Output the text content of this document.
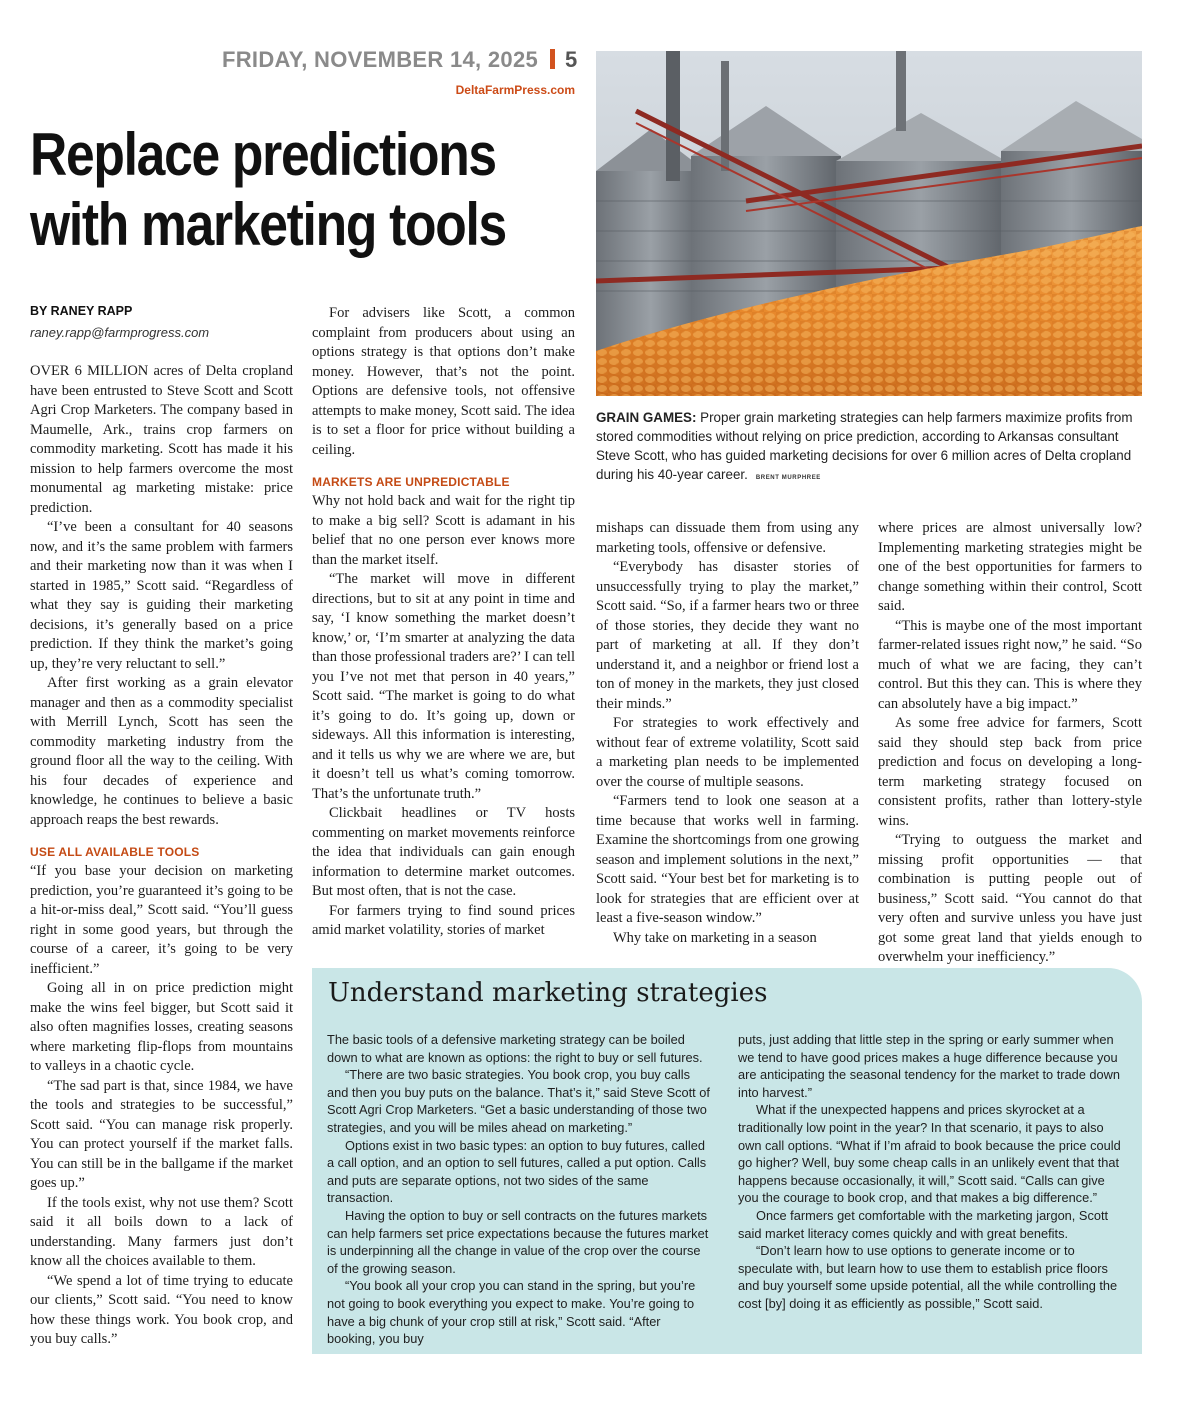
FRIDAY, NOVEMBER 14, 2025 5
DeltaFarmPress.com
Replace predictions
with marketing tools
GRAIN GAMES: Proper grain marketing strategies can help farmers maximize profits from stored commodities without relying on price prediction, according to Arkansas consultant Steve Scott, who has guided marketing decisions for over 6 million acres of Delta cropland during his 40-year career. BRENT MURPHREE
BY RANEY RAPP
raney.rapp@farmprogress.com

OVER 6 MILLION acres of Delta cropland have been entrusted to Steve Scott and Scott Agri Crop Marketers. The company based in Maumelle, Ark., trains crop farmers on commodity marketing. Scott has made it his mission to help farmers overcome the most monumental ag marketing mistake: price prediction.

“I’ve been a consultant for 40 seasons now, and it’s the same problem with farmers and their marketing now than it was when I started in 1985,” Scott said. “Regardless of what they say is guiding their marketing decisions, it’s generally based on a price prediction. If they think the market’s going up, they’re very reluctant to sell.”

After first working as a grain elevator manager and then as a commodity specialist with Merrill Lynch, Scott has seen the commodity marketing industry from the ground floor all the way to the ceiling. With his four decades of experience and knowledge, he continues to believe a basic approach reaps the best rewards.

USE ALL AVAILABLE TOOLS

“If you base your decision on marketing prediction, you’re guaranteed it’s going to be a hit-or-miss deal,” Scott said. “You’ll guess right in some good years, but through the course of a career, it’s going to be very inefficient.”

Going all in on price prediction might make the wins feel bigger, but Scott said it also often magnifies losses, creating seasons where marketing flip-flops from mountains to valleys in a chaotic cycle.

“The sad part is that, since 1984, we have the tools and strategies to be successful,” Scott said. “You can manage risk properly. You can protect yourself if the market falls. You can still be in the ballgame if the market goes up.”

If the tools exist, why not use them? Scott said it all boils down to a lack of understanding. Many farmers just don’t know all the choices available to them.

“We spend a lot of time trying to educate our clients,” Scott said. “You need to know how these things work. You book crop, and you buy calls.”

For advisers like Scott, a common complaint from producers about using an options strategy is that options don’t make money. However, that’s not the point. Options are defensive tools, not offensive attempts to make money, Scott said. The idea is to set a floor for price without building a ceiling.

MARKETS ARE UNPREDICTABLE

Why not hold back and wait for the right tip to make a big sell? Scott is adamant in his belief that no one person ever knows more than the market itself.

“The market will move in different directions, but to sit at any point in time and say, ‘I know something the market doesn’t know,’ or, ‘I’m smarter at analyzing the data than those professional traders are?’ I can tell you I’ve not met that person in 40 years,” Scott said. “The market is going to do what it’s going to do. It’s going up, down or sideways. All this information is interesting, and it tells us why we are where we are, but it doesn’t tell us what’s coming tomorrow. That’s the unfortunate truth.”

Clickbait headlines or TV hosts commenting on market movements reinforce the idea that individuals can gain enough information to determine market outcomes. But most often, that is not the case.

For farmers trying to find sound prices amid market volatility, stories of market

mishaps can dissuade them from using any marketing tools, offensive or defensive.

“Everybody has disaster stories of unsuccessfully trying to play the market,” Scott said. “So, if a farmer hears two or three of those stories, they decide they want no part of marketing at all. If they don’t understand it, and a neighbor or friend lost a ton of money in the markets, they just closed their minds.”

For strategies to work effectively and without fear of extreme volatility, Scott said a marketing plan needs to be implemented over the course of multiple seasons.

“Farmers tend to look one season at a time because that works well in farming. Examine the shortcomings from one growing season and implement solutions in the next,” Scott said. “Your best bet for marketing is to look for strategies that are efficient over at least a five-season window.”

Why take on marketing in a season

where prices are almost universally low? Implementing marketing strategies might be one of the best opportunities for farmers to change something within their control, Scott said.

“This is maybe one of the most important farmer-related issues right now,” he said. “So much of what we are facing, they can’t control. But this they can. This is where they can absolutely have a big impact.”

As some free advice for farmers, Scott said they should step back from price prediction and focus on developing a long-term marketing strategy focused on consistent profits, rather than lottery-style wins.

“Trying to outguess the market and missing profit opportunities — that combination is putting people out of business,” Scott said. “You cannot do that very often and survive unless you have just got some great land that yields enough to overwhelm your inefficiency.”

Understand marketing strategies

The basic tools of a defensive marketing strategy can be boiled down to what are known as options: the right to buy or sell futures.

“There are two basic strategies. You book crop, you buy calls and then you buy puts on the balance. That’s it,” said Steve Scott of Scott Agri Crop Marketers. “Get a basic understanding of those two strategies, and you will be miles ahead on marketing.”

Options exist in two basic types: an option to buy futures, called a call option, and an option to sell futures, called a put option. Calls and puts are separate options, not two sides of the same transaction.

Having the option to buy or sell contracts on the futures markets can help farmers set price expectations because the futures market is underpinning all the change in value of the crop over the course of the growing season.

“You book all your crop you can stand in the spring, but you’re not going to book everything you expect to make. You’re going to have a big chunk of your crop still at risk,” Scott said. “After booking, you buy

puts, just adding that little step in the spring or early summer when we tend to have good prices makes a huge difference because you are anticipating the seasonal tendency for the market to trade down into harvest.”

What if the unexpected happens and prices skyrocket at a traditionally low point in the year? In that scenario, it pays to also own call options. “What if I’m afraid to book because the price could go higher? Well, buy some cheap calls in an unlikely event that that happens because occasionally, it will,” Scott said. “Calls can give you the courage to book crop, and that makes a big difference.”

Once farmers get comfortable with the marketing jargon, Scott said market literacy comes quickly and with great benefits.

“Don’t learn how to use options to generate income or to speculate with, but learn how to use them to establish price floors and buy yourself some upside potential, all the while controlling the cost [by] doing it as efficiently as possible,” Scott said.
